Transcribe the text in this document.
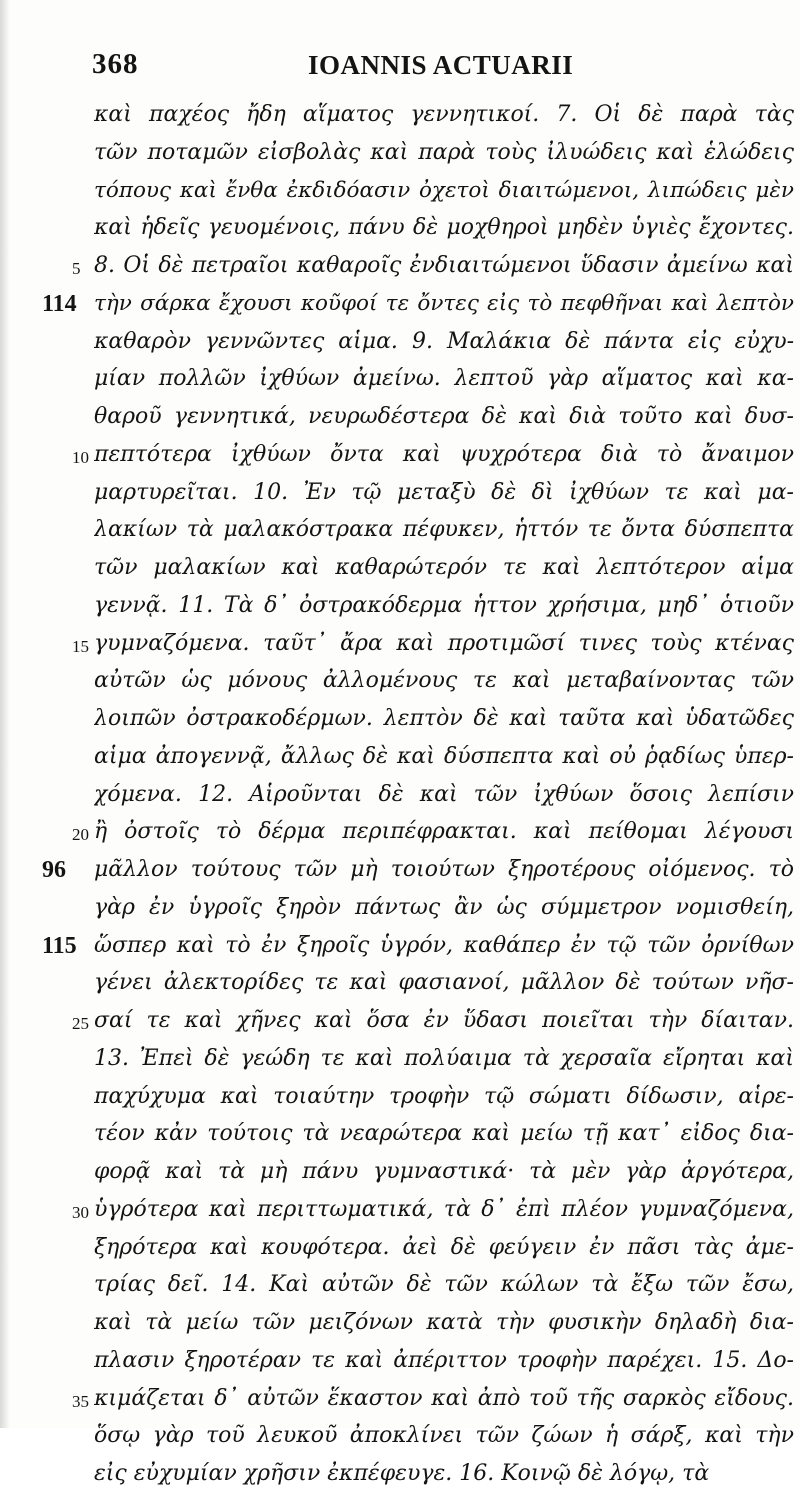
368	IOANNIS ACTUARII
καὶ παχέος ἤδη αἵματος γεννητικοί. 7. Οἱ δὲ παρὰ τὰς
τῶν ποταμῶν εἰσβολὰς καὶ παρὰ τοὺς ἰλυώδεις καὶ ἑλώδεις
τόπους καὶ ἔνθα ἐκδιδόασιν ὀχετοὶ διαιτώμενοι, λιπώδεις μὲν
καὶ ἡδεῖς γευομένοις, πάνυ δὲ μοχθηροὶ μηδὲν ὑγιὲς ἔχοντες.
5 8. Οἱ δὲ πετραῖοι καθαροῖς ἐνδιαιτώμενοι ὕδασιν ἀμείνω καὶ
114 τὴν σάρκα ἔχουσι κοῦφοί τε ὄντες εἰς τὸ πεφθῆναι καὶ λεπτὸν
καθαρὸν γεννῶντες αἷμα. 9. Μαλάκια δὲ πάντα εἰς εὐχυ-
μίαν πολλῶν ἰχθύων ἀμείνω. λεπτοῦ γὰρ αἵματος καὶ κα-
θαροῦ γεννητικά, νευρωδέστερα δὲ καὶ διὰ τοῦτο καὶ δυσ-
10 πεπτότερα ἰχθύων ὄντα καὶ ψυχρότερα διὰ τὸ ἄναιμον
μαρτυρεῖται. 10. Ἐν τῷ μεταξὺ δὲ δὶ ἰχθύων τε καὶ μα-
λακίων τὰ μαλακόστρακα πέφυκεν, ἧττόν τε ὄντα δύσπεπτα
τῶν μαλακίων καὶ καθαρώτερόν τε καὶ λεπτότερον αἷμα
γεννᾷ. 11. Τὰ δ᾽ ὀστρακόδερμα ἧττον χρήσιμα, μηδ᾽ ὁτιοῦν
15 γυμναζόμενα. ταῦτ᾽ ἄρα καὶ προτιμῶσί τινες τοὺς κτένας
αὐτῶν ὡς μόνους ἀλλομένους τε καὶ μεταβαίνοντας τῶν
λοιπῶν ὀστρακοδέρμων. λεπτὸν δὲ καὶ ταῦτα καὶ ὑδατῶδες
αἷμα ἀπογεννᾷ, ἄλλως δὲ καὶ δύσπεπτα καὶ οὐ ῥᾳδίως ὑπερ-
χόμενα. 12. Αἱροῦνται δὲ καὶ τῶν ἰχθύων ὅσοις λεπίσιν
20 ἢ ὀστοῖς τὸ δέρμα περιπέφρακται. καὶ πείθομαι λέγουσι
96 μᾶλλον τούτους τῶν μὴ τοιούτων ξηροτέρους οἰόμενος. τὸ
γὰρ ἐν ὑγροῖς ξηρὸν πάντως ἂν ὡς σύμμετρον νομισθείη,
115 ὥσπερ καὶ τὸ ἐν ξηροῖς ὑγρόν, καθάπερ ἐν τῷ τῶν ὀρνίθων
γένει ἀλεκτορίδες τε καὶ φασιανοί, μᾶλλον δὲ τούτων νῆσ-
25 σαί τε καὶ χῆνες καὶ ὅσα ἐν ὕδασι ποιεῖται τὴν δίαιταν.
13. Ἐπεὶ δὲ γεώδη τε καὶ πολύαιμα τὰ χερσαῖα εἴρηται καὶ
παχύχυμα καὶ τοιαύτην τροφὴν τῷ σώματι δίδωσιν, αἱρε-
τέον κἀν τούτοις τὰ νεαρώτερα καὶ μείω τῇ κατ᾽ εἶδος δια-
φορᾷ καὶ τὰ μὴ πάνυ γυμναστικά· τὰ μὲν γὰρ ἀργότερα,
30 ὑγρότερα καὶ περιττωματικά, τὰ δ᾽ ἐπὶ πλέον γυμναζόμενα,
ξηρότερα καὶ κουφότερα. ἀεὶ δὲ φεύγειν ἐν πᾶσι τὰς ἀμε-
τρίας δεῖ. 14. Καὶ αὐτῶν δὲ τῶν κώλων τὰ ἔξω τῶν ἔσω,
καὶ τὰ μείω τῶν μειζόνων κατὰ τὴν φυσικὴν δηλαδὴ δια-
πλασιν ξηροτέραν τε καὶ ἀπέριττον τροφὴν παρέχει. 15. Δο-
35 κιμάζεται δ᾽ αὐτῶν ἕκαστον καὶ ἀπὸ τοῦ τῆς σαρκὸς εἴδους.
ὅσῳ γὰρ τοῦ λευκοῦ ἀποκλίνει τῶν ζώων ἡ σάρξ, καὶ τὴν
εἰς εὐχυμίαν χρῆσιν ἐκπέφευγε. 16. Κοινῷ δὲ λόγῳ, τὰ
